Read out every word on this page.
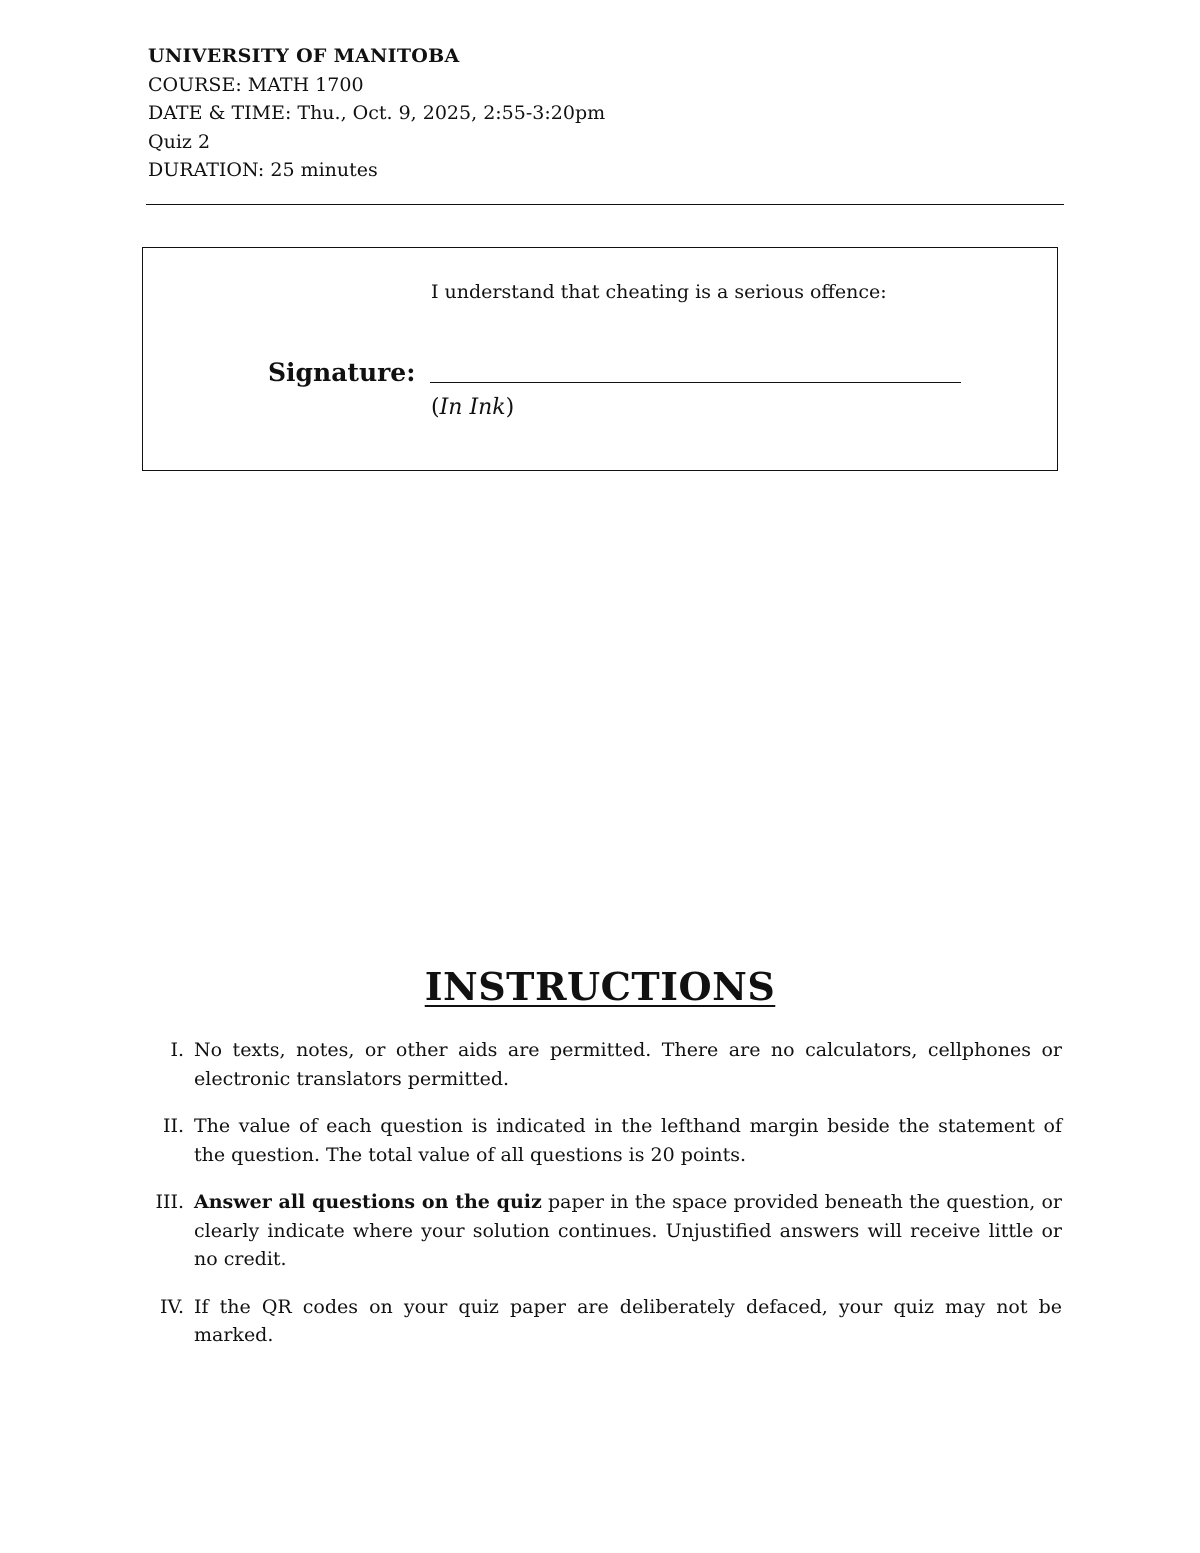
UNIVERSITY OF MANITOBA
COURSE: MATH 1700
DATE & TIME: Thu., Oct. 9, 2025, 2:55-3:20pm
Quiz 2
DURATION: 25 minutes
I understand that cheating is a serious offence:
Signature:
(In Ink)
INSTRUCTIONS
I. No texts, notes, or other aids are permitted. There are no calculators, cellphones or electronic translators permitted.
II. The value of each question is indicated in the lefthand margin beside the statement of the question. The total value of all questions is 20 points.
III. Answer all questions on the quiz paper in the space provided beneath the question, or clearly indicate where your solution continues. Unjustified answers will receive little or no credit.
IV. If the QR codes on your quiz paper are deliberately defaced, your quiz may not be marked.
